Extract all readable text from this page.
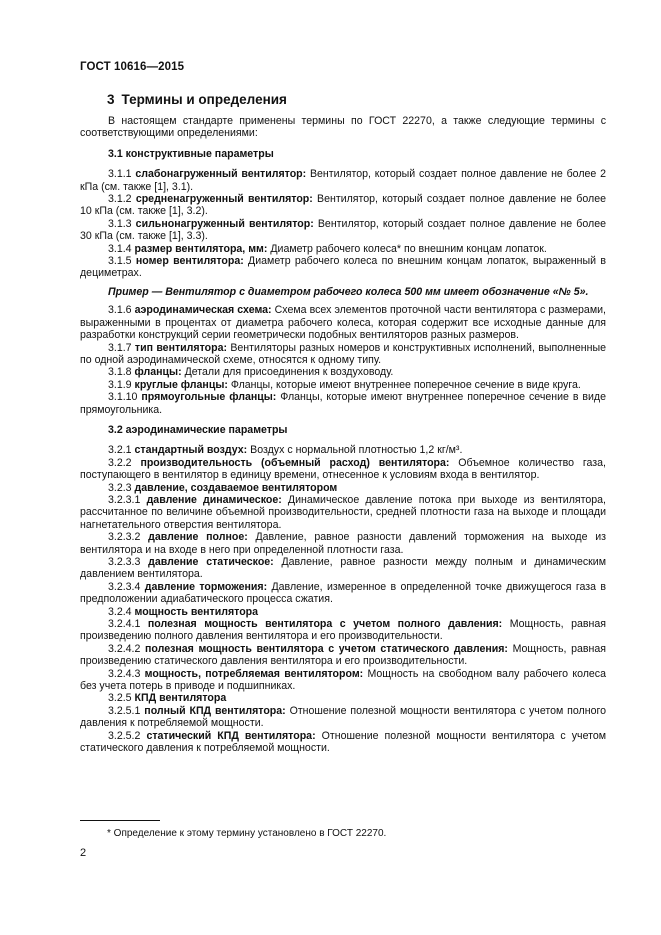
ГОСТ 10616—2015
3 Термины и определения

В настоящем стандарте применены термины по ГОСТ 22270, а также следующие термины с соответствующими определениями:

3.1 конструктивные параметры

3.1.1 слабонагруженный вентилятор: Вентилятор, который создает полное давление не более 2 кПа (см. также [1], 3.1).

3.1.2 средненагруженный вентилятор: Вентилятор, который создает полное давление не более 10 кПа (см. также [1], 3.2).

3.1.3 сильнонагруженный вентилятор: Вентилятор, который создает полное давление не более 30 кПа (см. также [1], 3.3).

3.1.4 размер вентилятора, мм: Диаметр рабочего колеса* по внешним концам лопаток.

3.1.5 номер вентилятора: Диаметр рабочего колеса по внешним концам лопаток, выраженный в дециметрах.

Пример — Вентилятор с диаметром рабочего колеса 500 мм имеет обозначение «№ 5».

3.1.6 аэродинамическая схема: Схема всех элементов проточной части вентилятора с размерами, выраженными в процентах от диаметра рабочего колеса, которая содержит все исходные данные для разработки конструкций серии геометрически подобных вентиляторов разных размеров.

3.1.7 тип вентилятора: Вентиляторы разных номеров и конструктивных исполнений, выполненные по одной аэродинамической схеме, относятся к одному типу.

3.1.8 фланцы: Детали для присоединения к воздуховоду.

3.1.9 круглые фланцы: Фланцы, которые имеют внутреннее поперечное сечение в виде круга.

3.1.10 прямоугольные фланцы: Фланцы, которые имеют внутреннее поперечное сечение в виде прямоугольника.

3.2 аэродинамические параметры

3.2.1 стандартный воздух: Воздух с нормальной плотностью 1,2 кг/м³.

3.2.2 производительность (объемный расход) вентилятора: Объемное количество газа, поступающего в вентилятор в единицу времени, отнесенное к условиям входа в вентилятор.

3.2.3 давление, создаваемое вентилятором

3.2.3.1 давление динамическое: Динамическое давление потока при выходе из вентилятора, рассчитанное по величине объемной производительности, средней плотности газа на выходе и площади нагнетательного отверстия вентилятора.

3.2.3.2 давление полное: Давление, равное разности давлений торможения на выходе из вентилятора и на входе в него при определенной плотности газа.

3.2.3.3 давление статическое: Давление, равное разности между полным и динамическим давлением вентилятора.

3.2.3.4 давление торможения: Давление, измеренное в определенной точке движущегося газа в предположении адиабатического процесса сжатия.

3.2.4 мощность вентилятора

3.2.4.1 полезная мощность вентилятора с учетом полного давления: Мощность, равная произведению полного давления вентилятора и его производительности.

3.2.4.2 полезная мощность вентилятора с учетом статического давления: Мощность, равная произведению статического давления вентилятора и его производительности.

3.2.4.3 мощность, потребляемая вентилятором: Мощность на свободном валу рабочего колеса без учета потерь в приводе и подшипниках.

3.2.5 КПД вентилятора

3.2.5.1 полный КПД вентилятора: Отношение полезной мощности вентилятора с учетом полного давления к потребляемой мощности.

3.2.5.2 статический КПД вентилятора: Отношение полезной мощности вентилятора с учетом статического давления к потребляемой мощности.

* Определение к этому термину установлено в ГОСТ 22270.
2
